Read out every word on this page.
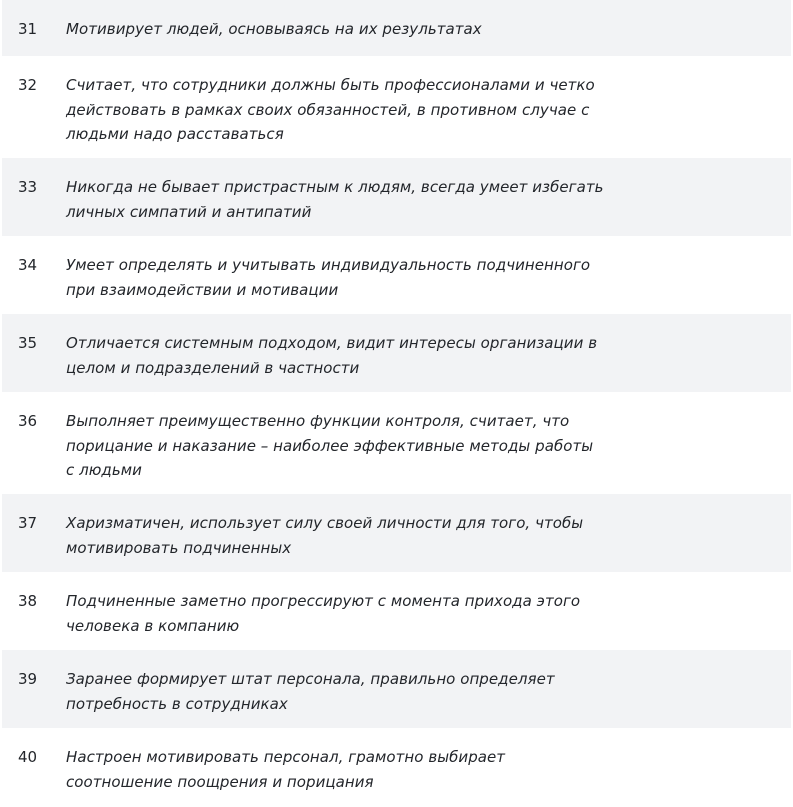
31	Мотивирует людей, основываясь на их результатах
32	Считает, что сотрудники должны быть профессионалами и четко действовать в рамках своих обязанностей, в противном случае с людьми надо расставаться
33	Никогда не бывает пристрастным к людям, всегда умеет избегать личных симпатий и антипатий
34	Умеет определять и учитывать индивидуальность подчиненного при взаимодействии и мотивации
35	Отличается системным подходом, видит интересы организации в целом и подразделений в частности
36	Выполняет преимущественно функции контроля, считает, что порицание и наказание – наиболее эффективные методы работы с людьми
37	Харизматичен, использует силу своей личности для того, чтобы мотивировать подчиненных
38	Подчиненные заметно прогрессируют с момента прихода этого человека в компанию
39	Заранее формирует штат персонала, правильно определяет потребность в сотрудниках
40	Настроен мотивировать персонал, грамотно выбирает соотношение поощрения и порицания
